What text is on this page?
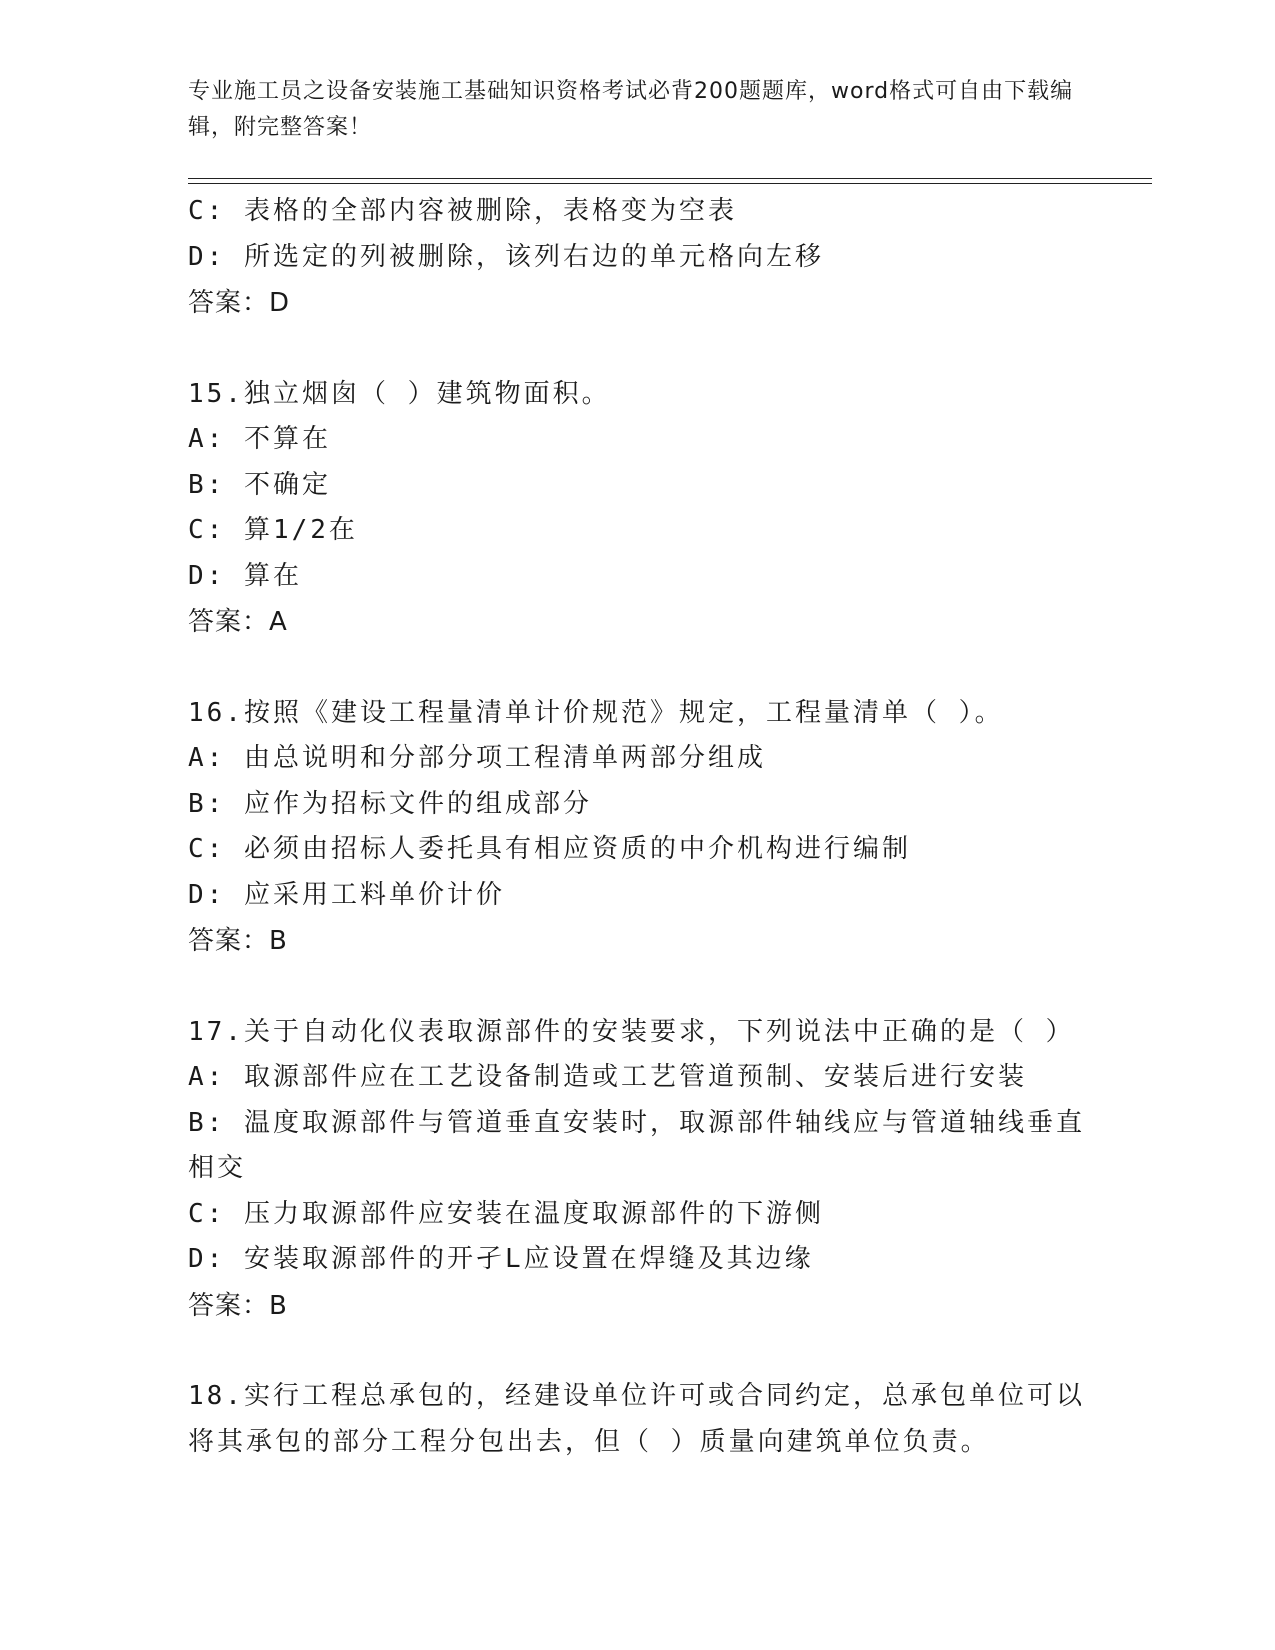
专业施工员之设备安装施工基础知识资格考试必背200题题库，word格式可自由下载编辑，附完整答案！

C: 表格的全部内容被删除，表格变为空表

D: 所选定的列被删除，该列右边的单元格向左移

答案：D

15.独立烟囱（ ）建筑物面积。

A: 不算在

B: 不确定

C: 算1/2在

D: 算在

答案：A

16.按照《建设工程量清单计价规范》规定，工程量清单（ ）。

A: 由总说明和分部分项工程清单两部分组成

B: 应作为招标文件的组成部分

C: 必须由招标人委托具有相应资质的中介机构进行编制

D: 应采用工料单价计价

答案：B

17.关于自动化仪表取源部件的安装要求，下列说法中正确的是（ ）

A: 取源部件应在工艺设备制造或工艺管道预制、安装后进行安装

B: 温度取源部件与管道垂直安装时，取源部件轴线应与管道轴线垂直

相交

C: 压力取源部件应安装在温度取源部件的下游侧

D: 安装取源部件的开孑L应设置在焊缝及其边缘

答案：B

18.实行工程总承包的，经建设单位许可或合同约定，总承包单位可以

将其承包的部分工程分包出去，但（ ）质量向建筑单位负责。
